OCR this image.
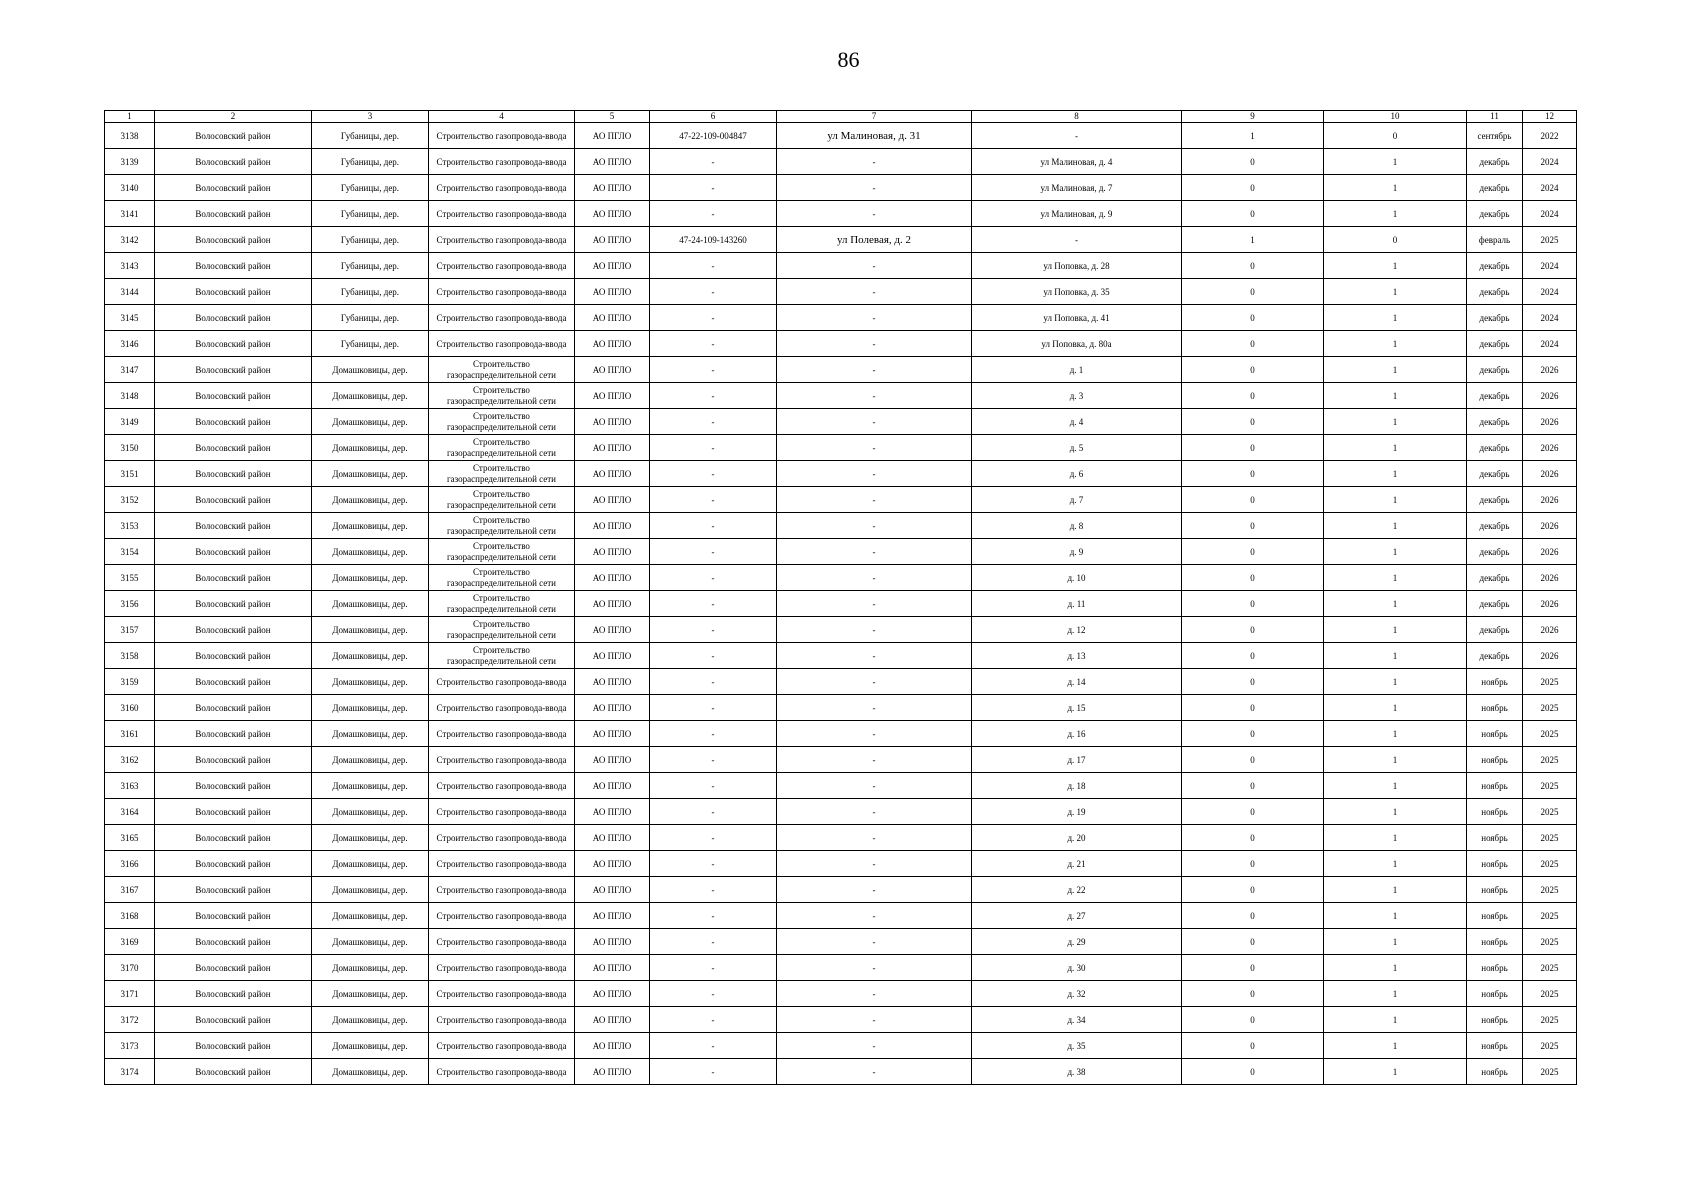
86
1	2	3	4	5	6	7	8	9	10	11	12
3138	Волосовский район	Губаницы, дер.	Строительство газопровода-ввода	АО ПГЛО	47-22-109-004847	ул Малиновая, д. 31	-	1	0	сентябрь	2022
3139	Волосовский район	Губаницы, дер.	Строительство газопровода-ввода	АО ПГЛО	-	-	ул Малиновая, д. 4	0	1	декабрь	2024
3140	Волосовский район	Губаницы, дер.	Строительство газопровода-ввода	АО ПГЛО	-	-	ул Малиновая, д. 7	0	1	декабрь	2024
3141	Волосовский район	Губаницы, дер.	Строительство газопровода-ввода	АО ПГЛО	-	-	ул Малиновая, д. 9	0	1	декабрь	2024
3142	Волосовский район	Губаницы, дер.	Строительство газопровода-ввода	АО ПГЛО	47-24-109-143260	ул Полевая, д. 2	-	1	0	февраль	2025
3143	Волосовский район	Губаницы, дер.	Строительство газопровода-ввода	АО ПГЛО	-	-	ул Поповка, д. 28	0	1	декабрь	2024
3144	Волосовский район	Губаницы, дер.	Строительство газопровода-ввода	АО ПГЛО	-	-	ул Поповка, д. 35	0	1	декабрь	2024
3145	Волосовский район	Губаницы, дер.	Строительство газопровода-ввода	АО ПГЛО	-	-	ул Поповка, д. 41	0	1	декабрь	2024
3146	Волосовский район	Губаницы, дер.	Строительство газопровода-ввода	АО ПГЛО	-	-	ул Поповка, д. 80а	0	1	декабрь	2024
3147	Волосовский район	Домашковицы, дер.	Строительство газораспределительной сети	АО ПГЛО	-	-	д. 1	0	1	декабрь	2026
3148	Волосовский район	Домашковицы, дер.	Строительство газораспределительной сети	АО ПГЛО	-	-	д. 3	0	1	декабрь	2026
3149	Волосовский район	Домашковицы, дер.	Строительство газораспределительной сети	АО ПГЛО	-	-	д. 4	0	1	декабрь	2026
3150	Волосовский район	Домашковицы, дер.	Строительство газораспределительной сети	АО ПГЛО	-	-	д. 5	0	1	декабрь	2026
3151	Волосовский район	Домашковицы, дер.	Строительство газораспределительной сети	АО ПГЛО	-	-	д. 6	0	1	декабрь	2026
3152	Волосовский район	Домашковицы, дер.	Строительство газораспределительной сети	АО ПГЛО	-	-	д. 7	0	1	декабрь	2026
3153	Волосовский район	Домашковицы, дер.	Строительство газораспределительной сети	АО ПГЛО	-	-	д. 8	0	1	декабрь	2026
3154	Волосовский район	Домашковицы, дер.	Строительство газораспределительной сети	АО ПГЛО	-	-	д. 9	0	1	декабрь	2026
3155	Волосовский район	Домашковицы, дер.	Строительство газораспределительной сети	АО ПГЛО	-	-	д. 10	0	1	декабрь	2026
3156	Волосовский район	Домашковицы, дер.	Строительство газораспределительной сети	АО ПГЛО	-	-	д. 11	0	1	декабрь	2026
3157	Волосовский район	Домашковицы, дер.	Строительство газораспределительной сети	АО ПГЛО	-	-	д. 12	0	1	декабрь	2026
3158	Волосовский район	Домашковицы, дер.	Строительство газораспределительной сети	АО ПГЛО	-	-	д. 13	0	1	декабрь	2026
3159	Волосовский район	Домашковицы, дер.	Строительство газопровода-ввода	АО ПГЛО	-	-	д. 14	0	1	ноябрь	2025
3160	Волосовский район	Домашковицы, дер.	Строительство газопровода-ввода	АО ПГЛО	-	-	д. 15	0	1	ноябрь	2025
3161	Волосовский район	Домашковицы, дер.	Строительство газопровода-ввода	АО ПГЛО	-	-	д. 16	0	1	ноябрь	2025
3162	Волосовский район	Домашковицы, дер.	Строительство газопровода-ввода	АО ПГЛО	-	-	д. 17	0	1	ноябрь	2025
3163	Волосовский район	Домашковицы, дер.	Строительство газопровода-ввода	АО ПГЛО	-	-	д. 18	0	1	ноябрь	2025
3164	Волосовский район	Домашковицы, дер.	Строительство газопровода-ввода	АО ПГЛО	-	-	д. 19	0	1	ноябрь	2025
3165	Волосовский район	Домашковицы, дер.	Строительство газопровода-ввода	АО ПГЛО	-	-	д. 20	0	1	ноябрь	2025
3166	Волосовский район	Домашковицы, дер.	Строительство газопровода-ввода	АО ПГЛО	-	-	д. 21	0	1	ноябрь	2025
3167	Волосовский район	Домашковицы, дер.	Строительство газопровода-ввода	АО ПГЛО	-	-	д. 22	0	1	ноябрь	2025
3168	Волосовский район	Домашковицы, дер.	Строительство газопровода-ввода	АО ПГЛО	-	-	д. 27	0	1	ноябрь	2025
3169	Волосовский район	Домашковицы, дер.	Строительство газопровода-ввода	АО ПГЛО	-	-	д. 29	0	1	ноябрь	2025
3170	Волосовский район	Домашковицы, дер.	Строительство газопровода-ввода	АО ПГЛО	-	-	д. 30	0	1	ноябрь	2025
3171	Волосовский район	Домашковицы, дер.	Строительство газопровода-ввода	АО ПГЛО	-	-	д. 32	0	1	ноябрь	2025
3172	Волосовский район	Домашковицы, дер.	Строительство газопровода-ввода	АО ПГЛО	-	-	д. 34	0	1	ноябрь	2025
3173	Волосовский район	Домашковицы, дер.	Строительство газопровода-ввода	АО ПГЛО	-	-	д. 35	0	1	ноябрь	2025
3174	Волосовский район	Домашковицы, дер.	Строительство газопровода-ввода	АО ПГЛО	-	-	д. 38	0	1	ноябрь	2025
